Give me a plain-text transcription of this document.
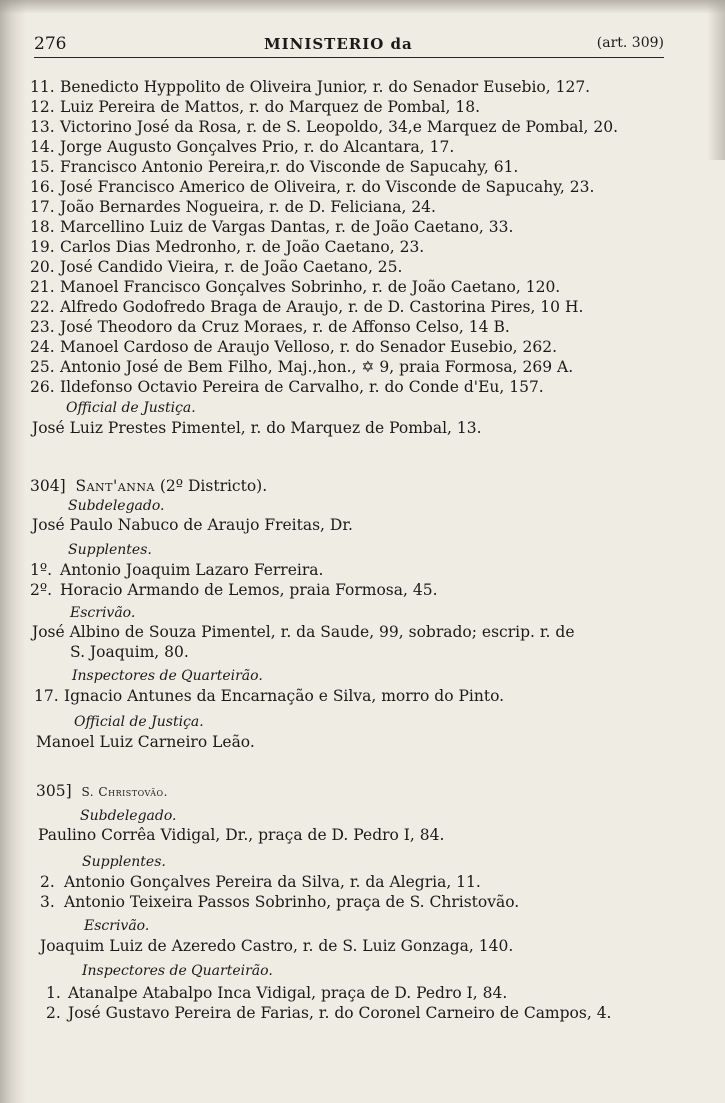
276	MINISTERIO da	(art. 309)
11. Benedicto Hyppolito de Oliveira Junior, r. do Senador Eusebio, 127.
12. Luiz Pereira de Mattos, r. do Marquez de Pombal, 18.
13. Victorino José da Rosa, r. de S. Leopoldo, 34,e Marquez de Pombal, 20.
14. Jorge Augusto Gonçalves Prio, r. do Alcantara, 17.
15. Francisco Antonio Pereira,r. do Visconde de Sapucahy, 61.
16. José Francisco Americo de Oliveira, r. do Visconde de Sapucahy, 23.
17. João Bernardes Nogueira, r. de D. Feliciana, 24.
18. Marcellino Luiz de Vargas Dantas, r. de João Caetano, 33.
19. Carlos Dias Medronho, r. de João Caetano, 23.
20. José Candido Vieira, r. de João Caetano, 25.
21. Manoel Francisco Gonçalves Sobrinho, r. de João Caetano, 120.
22. Alfredo Godofredo Braga de Araujo, r. de D. Castorina Pires, 10 H.
23. José Theodoro da Cruz Moraes, r. de Affonso Celso, 14 B.
24. Manoel Cardoso de Araujo Velloso, r. do Senador Eusebio, 262.
25. Antonio José de Bem Filho, Maj.,hon., ✡ 9, praia Formosa, 269 A.
26. Ildefonso Octavio Pereira de Carvalho, r. do Conde d'Eu, 157.
Official de Justiça.
José Luiz Prestes Pimentel, r. do Marquez de Pombal, 13.
304] Sant'anna (2º Districto).
Subdelegado.
José Paulo Nabuco de Araujo Freitas, Dr.
Supplentes.
1º. Antonio Joaquim Lazaro Ferreira.
2º. Horacio Armando de Lemos, praia Formosa, 45.
Escrivão.
José Albino de Souza Pimentel, r. da Saude, 99, sobrado; escrip. r. de
S. Joaquim, 80.
Inspectores de Quarteirão.
17. Ignacio Antunes da Encarnação e Silva, morro do Pinto.
Official de Justiça.
Manoel Luiz Carneiro Leão.
305] S. Christovão.
Subdelegado.
Paulino Corrêa Vidigal, Dr., praça de D. Pedro I, 84.
Supplentes.
2. Antonio Gonçalves Pereira da Silva, r. da Alegria, 11.
3. Antonio Teixeira Passos Sobrinho, praça de S. Christovão.
Escrivão.
Joaquim Luiz de Azeredo Castro, r. de S. Luiz Gonzaga, 140.
Inspectores de Quarteirão.
1. Atanalpe Atabalpo Inca Vidigal, praça de D. Pedro I, 84.
2. José Gustavo Pereira de Farias, r. do Coronel Carneiro de Campos, 4.
